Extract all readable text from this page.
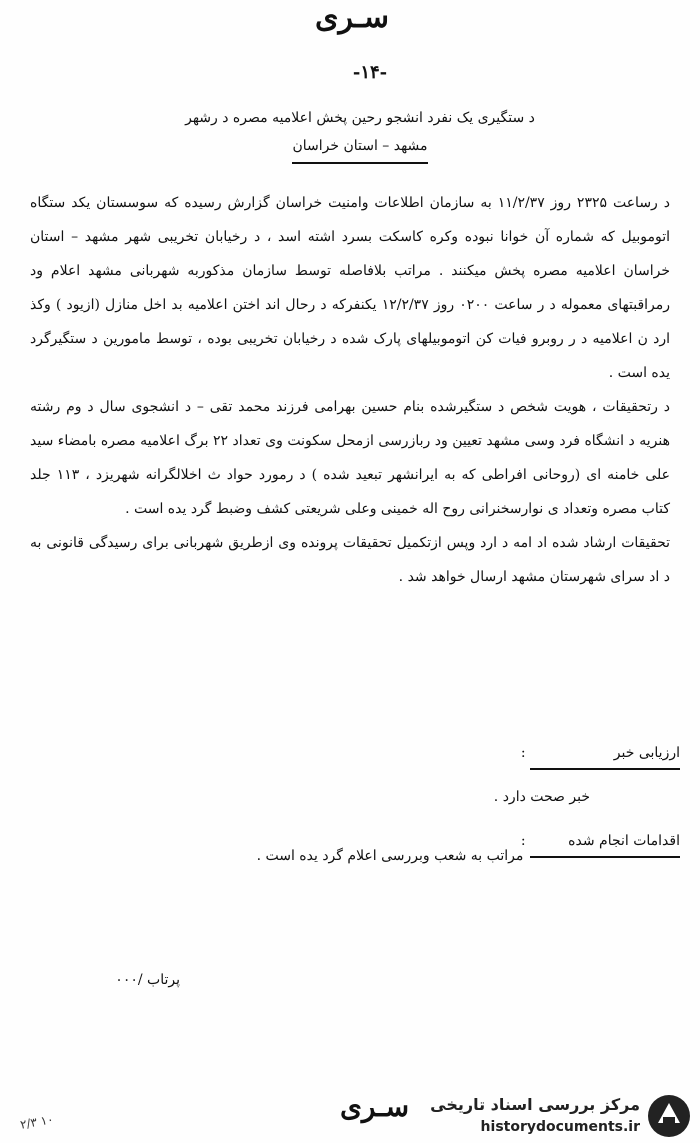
سـرى
-۱۴-
د ستگیری یک نفرد انشجو رحین پخش اعلامیه مصره د رشهر
مشهد – استان خراسان

د رساعت ۲۳۲۵ روز ۱۱/۲/۳۷ به سازمان اطلاعات وامنیت خراسان گزارش رسیده که سوسستان یکد ستگاه اتوموبیل که شماره آن خوانا نبوده وکره کاسکت بسرد اشته اسد ، د رخیابان تخریبی شهر مشهد – استان خراسان اعلامیه مصره پخش میکنند . مراتب بلافاصله توسط سازمان مذکوربه شهربانی مشهد اعلام ود رمراقبتهای معموله د ر ساعت ۰۲۰۰ روز ۱۲/۲/۳۷ یکنفرکه د رحال اند اختن اعلامیه بد اخل منازل (ازیود ) وکذ ارد ن اعلامیه د ر روبرو فیات کن اتوموبیلهای پارک شده د رخیابان تخریبی بوده ، توسط مامورین د ستگیرگرد یده است .

د رتحقیقات ، هویت شخص د ستگیرشده بنام حسین بهرامی فرزند محمد تقی – د انشجوی سال د وم رشته هنریه د انشگاه فرد وسی مشهد تعیین ود ربازرسی ازمحل سکونت وی تعداد ۲۲ برگ اعلامیه مصره بامضاء سید علی خامنه ای (روحانی افراطی که به ایرانشهر تبعید شده ) د رمورد حواد ث اخلالگرانه شهریزد ، ۱۱۳ جلد کتاب مصره وتعداد ی نوارسخنرانی روح اله خمینی وعلی شریعتی کشف وضبط گرد یده است .

تحقیقات ارشاد شده اد امه د ارد وپس ازتکمیل تحقیقات پرونده وی ازطریق شهربانی برای رسیدگی قانونی به د اد سرای شهرستان مشهد ارسال خواهد شد .

ارزیابی خبر :
خبر صحت دارد .
اقدامات انجام شده :
مراتب به شعب وبررسی اعلام گرد یده است .
پرتاب /۰۰۰
۲/۳ ۱۰	سـرى مرکز بررسی اسناد تاریخی
historydocuments.ir
